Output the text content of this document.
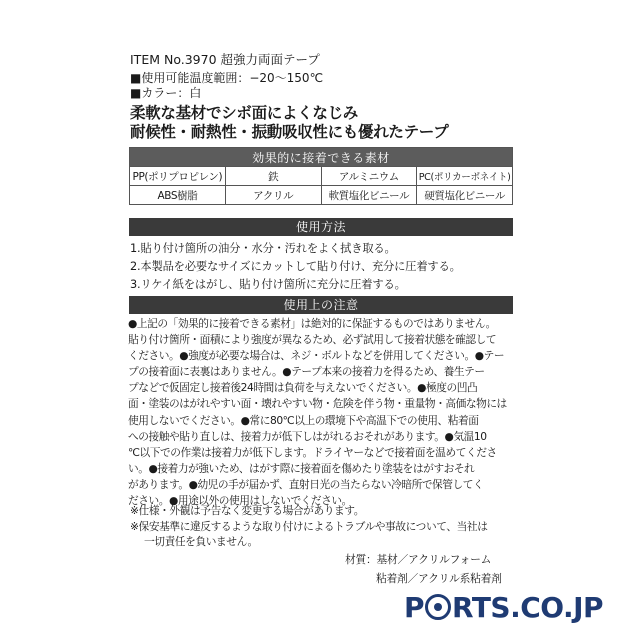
ITEM No.3970 超強力両面テープ
■使用可能温度範囲：−20〜150℃
■カラー：白
柔軟な基材でシボ面によくなじみ
耐候性・耐熱性・振動吸収性にも優れたテープ
効果的に接着できる素材			
PP(ポリプロピレン)	鉄	アルミニウム	PC(ポリカーボネイト)
ABS樹脂	アクリル	軟質塩化ビニール	硬質塩化ビニール
使用方法
1.貼り付け箇所の油分・水分・汚れをよく拭き取る。
2.本製品を必要なサイズにカットして貼り付け、充分に圧着する。
3.リケイ紙をはがし、貼り付け箇所に充分に圧着する。
使用上の注意
●上記の「効果的に接着できる素材」は絶対的に保証するものではありません。
貼り付け箇所・面積により強度が異なるため、必ず試用して接着状態を確認して
ください。●強度が必要な場合は、ネジ・ボルトなどを併用してください。●テー
プの接着面に表裏はありません。●テープ本来の接着力を得るため、養生テー
プなどで仮固定し接着後24時間は負荷を与えないでください。●極度の凹凸
面・塗装のはがれやすい面・壊れやすい物・危険を伴う物・重量物・高価な物には
使用しないでください。●常に80℃以上の環境下や高温下での使用、粘着面
への接触や貼り直しは、接着力が低下しはがれるおそれがあります。●気温10
℃以下での作業は接着力が低下します。ドライヤーなどで接着面を温めてくださ
い。●接着力が強いため、はがす際に接着面を傷めたり塗装をはがすおそれ
があります。●幼児の手が届かず、直射日光の当たらない冷暗所で保管してく
ださい。●用途以外の使用はしないでください。
※仕様・外観は予告なく変更する場合があります。
※保安基準に違反するような取り付けによるトラブルや事故について、当社は
一切責任を負いません。
材質：基材／アクリルフォーム
粘着剤／アクリル系粘着剤
P RTS.CO.JP
